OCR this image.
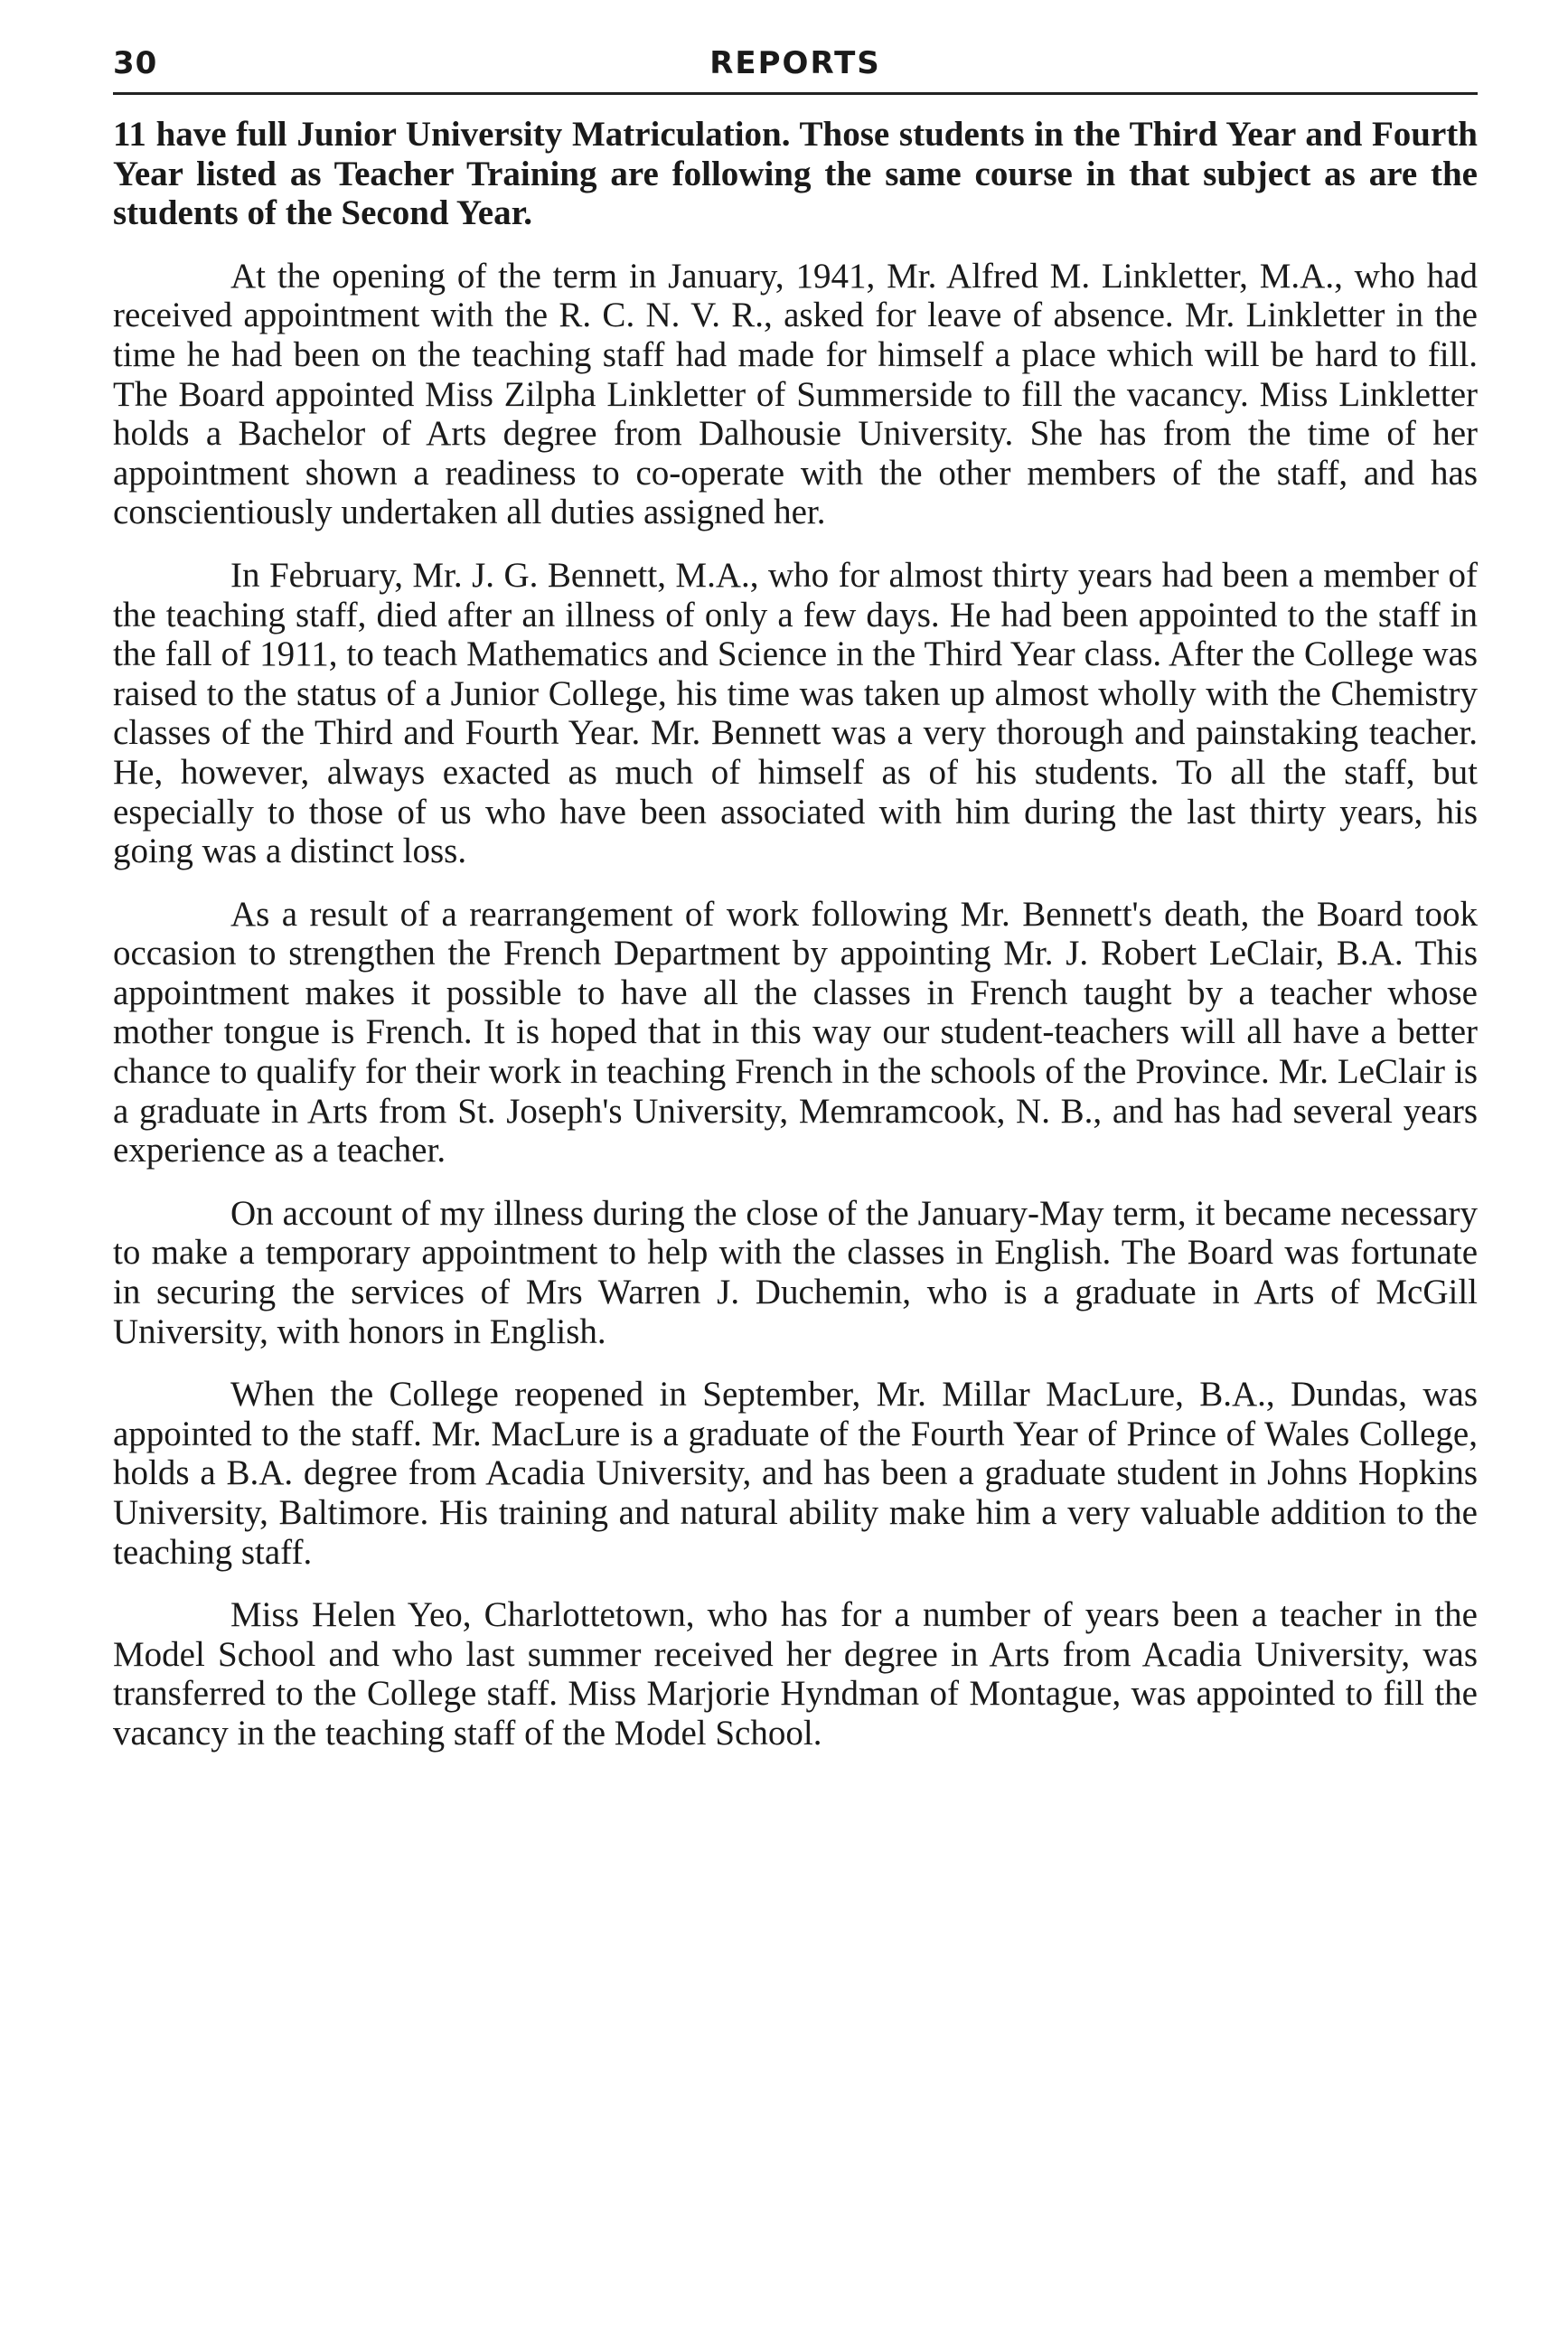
30	REPORTS

11 have full Junior University Matriculation. Those students in the Third Year and Fourth Year listed as Teacher Training are following the same course in that subject as are the students of the Second Year.

At the opening of the term in January, 1941, Mr. Alfred M. Linkletter, M.A., who had received appointment with the R. C. N. V. R., asked for leave of absence. Mr. Linkletter in the time he had been on the teaching staff had made for himself a place which will be hard to fill. The Board appointed Miss Zilpha Linkletter of Summerside to fill the vacancy. Miss Linkletter holds a Bachelor of Arts degree from Dalhousie University. She has from the time of her appointment shown a readiness to co-operate with the other members of the staff, and has conscientiously undertaken all duties assigned her.

In February, Mr. J. G. Bennett, M.A., who for almost thirty years had been a member of the teaching staff, died after an illness of only a few days. He had been appointed to the staff in the fall of 1911, to teach Mathematics and Science in the Third Year class. After the College was raised to the status of a Junior College, his time was taken up almost wholly with the Chemistry classes of the Third and Fourth Year. Mr. Bennett was a very thorough and painstaking teacher. He, however, always exacted as much of himself as of his students. To all the staff, but especially to those of us who have been associated with him during the last thirty years, his going was a distinct loss.

As a result of a rearrangement of work following Mr. Bennett's death, the Board took occasion to strengthen the French Department by appointing Mr. J. Robert LeClair, B.A. This appointment makes it possible to have all the classes in French taught by a teacher whose mother tongue is French. It is hoped that in this way our student-teachers will all have a better chance to qualify for their work in teaching French in the schools of the Province. Mr. LeClair is a graduate in Arts from St. Joseph's University, Memramcook, N. B., and has had several years experience as a teacher.

On account of my illness during the close of the January-May term, it became necessary to make a temporary appointment to help with the classes in English. The Board was fortunate in securing the services of Mrs Warren J. Duchemin, who is a graduate in Arts of McGill University, with honors in English.

When the College reopened in September, Mr. Millar MacLure, B.A., Dundas, was appointed to the staff. Mr. MacLure is a graduate of the Fourth Year of Prince of Wales College, holds a B.A. degree from Acadia University, and has been a graduate student in Johns Hopkins University, Baltimore. His training and natural ability make him a very valuable addition to the teaching staff.

Miss Helen Yeo, Charlottetown, who has for a number of years been a teacher in the Model School and who last summer received her degree in Arts from Acadia University, was transferred to the College staff. Miss Marjorie Hyndman of Montague, was appointed to fill the vacancy in the teaching staff of the Model School.
